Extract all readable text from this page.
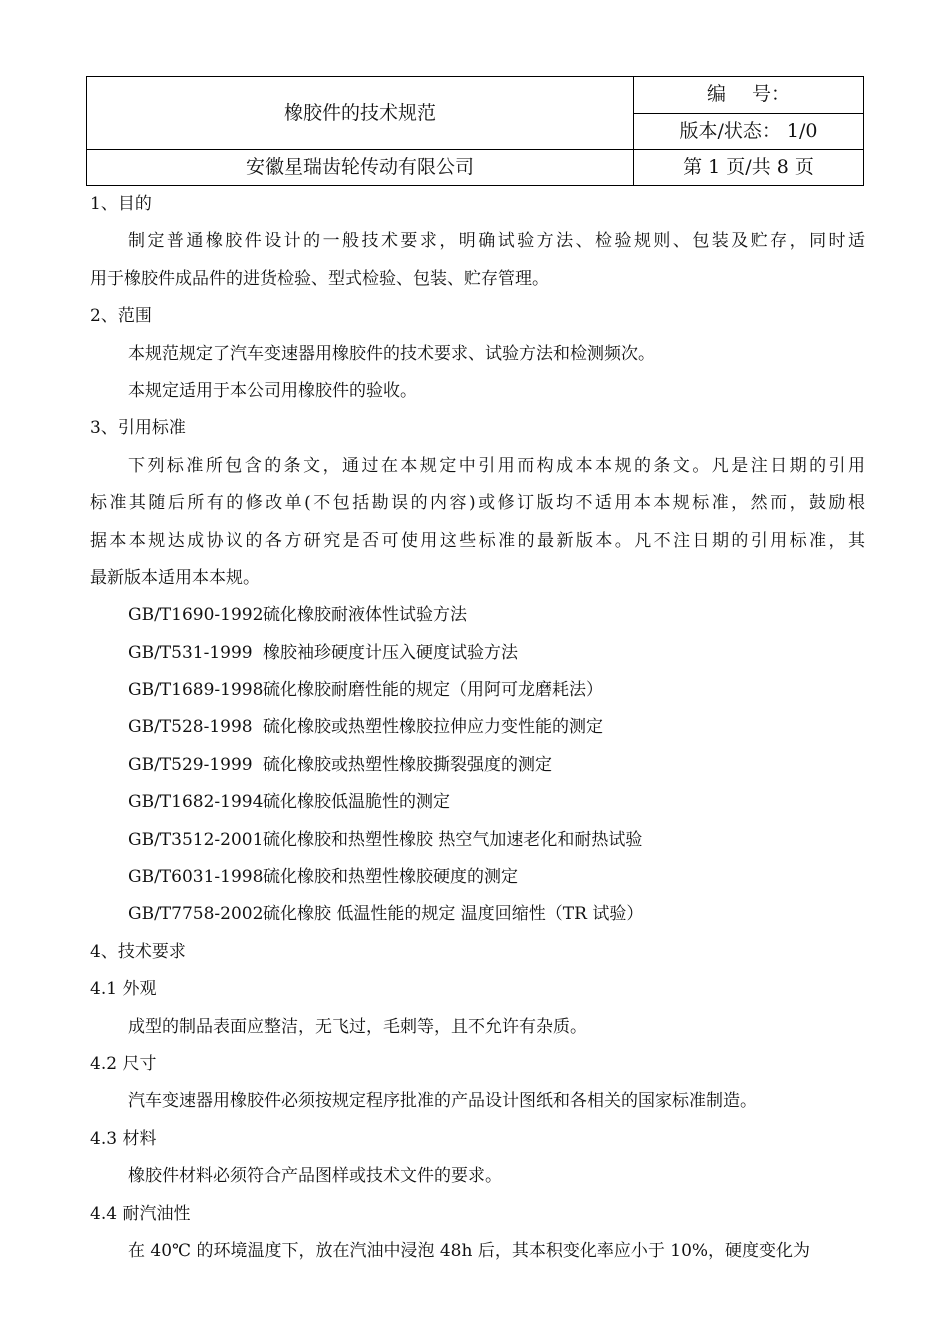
橡胶件的技术规范	编 号：
	版本/状态： 1/0
安徽星瑞齿轮传动有限公司	第 1 页/共 8 页
1、目的
制定普通橡胶件设计的一般技术要求，明确试验方法、检验规则、包装及贮存，同时适
用于橡胶件成品件的进货检验、型式检验、包装、贮存管理。
2、范围
本规范规定了汽车变速器用橡胶件的技术要求、试验方法和检测频次。
本规定适用于本公司用橡胶件的验收。
3、引用标准
下列标准所包含的条文，通过在本规定中引用而构成本本规的条文。凡是注日期的引用
标准其随后所有的修改单(不包括勘误的内容)或修订版均不适用本本规标准，然而，鼓励根
据本本规达成协议的各方研究是否可使用这些标准的最新版本。凡不注日期的引用标准，其
最新版本适用本本规。
GB/T1690-1992硫化橡胶耐液体性试验方法
GB/T531-1999 橡胶袖珍硬度计压入硬度试验方法
GB/T1689-1998硫化橡胶耐磨性能的规定（用阿可龙磨耗法）
GB/T528-1998 硫化橡胶或热塑性橡胶拉伸应力变性能的测定
GB/T529-1999 硫化橡胶或热塑性橡胶撕裂强度的测定
GB/T1682-1994硫化橡胶低温脆性的测定
GB/T3512-2001硫化橡胶和热塑性橡胶 热空气加速老化和耐热试验
GB/T6031-1998硫化橡胶和热塑性橡胶硬度的测定
GB/T7758-2002硫化橡胶 低温性能的规定 温度回缩性（TR 试验）
4、技术要求
4.1 外观
成型的制品表面应整洁，无飞过，毛刺等，且不允许有杂质。
4.2 尺寸
汽车变速器用橡胶件必须按规定程序批准的产品设计图纸和各相关的国家标准制造。
4.3 材料
橡胶件材料必须符合产品图样或技术文件的要求。
4.4 耐汽油性
在 40℃ 的环境温度下，放在汽油中浸泡 48h 后，其本积变化率应小于 10%，硬度变化为
